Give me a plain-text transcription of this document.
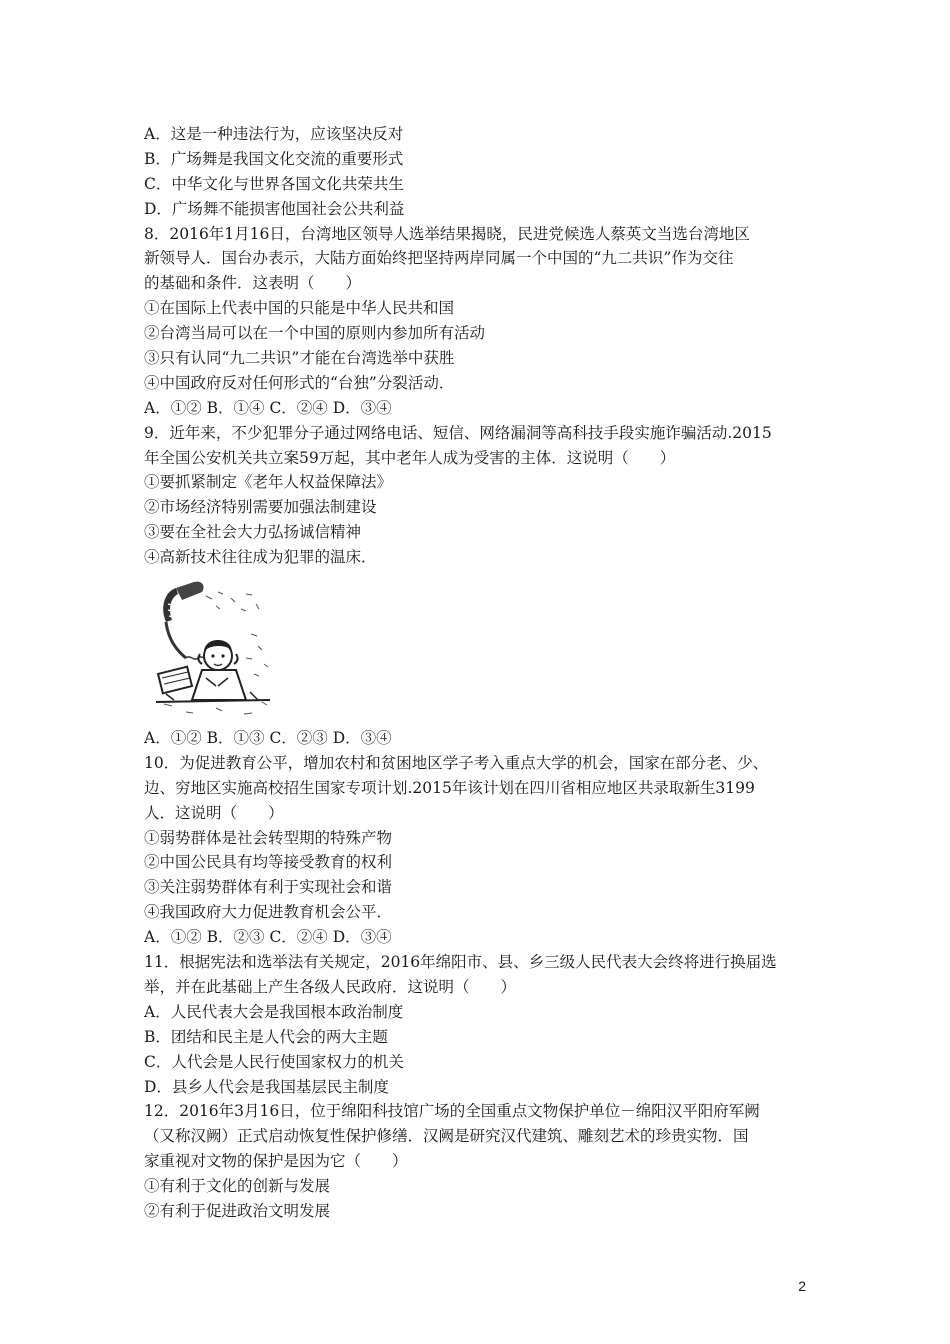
A．这是一种违法行为，应该坚决反对
B．广场舞是我国文化交流的重要形式
C．中华文化与世界各国文化共荣共生
D．广场舞不能损害他国社会公共利益
8．2016年1月16日，台湾地区领导人选举结果揭晓，民进党候选人蔡英文当选台湾地区
新领导人．国台办表示，大陆方面始终把坚持两岸同属一个中国的“九二共识”作为交往
的基础和条件．这表明（　　）
①在国际上代表中国的只能是中华人民共和国
②台湾当局可以在一个中国的原则内参加所有活动
③只有认同“九二共识”才能在台湾选举中获胜
④中国政府反对任何形式的“台独”分裂活动．
A．①② B．①④ C．②④ D．③④
9．近年来，不少犯罪分子通过网络电话、短信、网络漏洞等高科技手段实施诈骗活动.2015
年全国公安机关共立案59万起，其中老年人成为受害的主体．这说明（　　）
①要抓紧制定《老年人权益保障法》
②市场经济特别需要加强法制建设
③要在全社会大力弘扬诚信精神
④高新技术往往成为犯罪的温床．
A．①② B．①③ C．②③ D．③④
10．为促进教育公平，增加农村和贫困地区学子考入重点大学的机会，国家在部分老、少、
边、穷地区实施高校招生国家专项计划.2015年该计划在四川省相应地区共录取新生3199
人．这说明（　　）
①弱势群体是社会转型期的特殊产物
②中国公民具有均等接受教育的权利
③关注弱势群体有利于实现社会和谐
④我国政府大力促进教育机会公平．
A．①② B．②③ C．②④ D．③④
11．根据宪法和选举法有关规定，2016年绵阳市、县、乡三级人民代表大会终将进行换届选
举，并在此基础上产生各级人民政府．这说明（　　）
A．人民代表大会是我国根本政治制度
B．团结和民主是人代会的两大主题
C．人代会是人民行使国家权力的机关
D．县乡人代会是我国基层民主制度
12．2016年3月16日，位于绵阳科技馆广场的全国重点文物保护单位－绵阳汉平阳府军阙
（又称汉阙）正式启动恢复性保护修缮．汉阙是研究汉代建筑、雕刻艺术的珍贵实物．国
家重视对文物的保护是因为它（　　）
①有利于文化的创新与发展
②有利于促进政治文明发展
2
